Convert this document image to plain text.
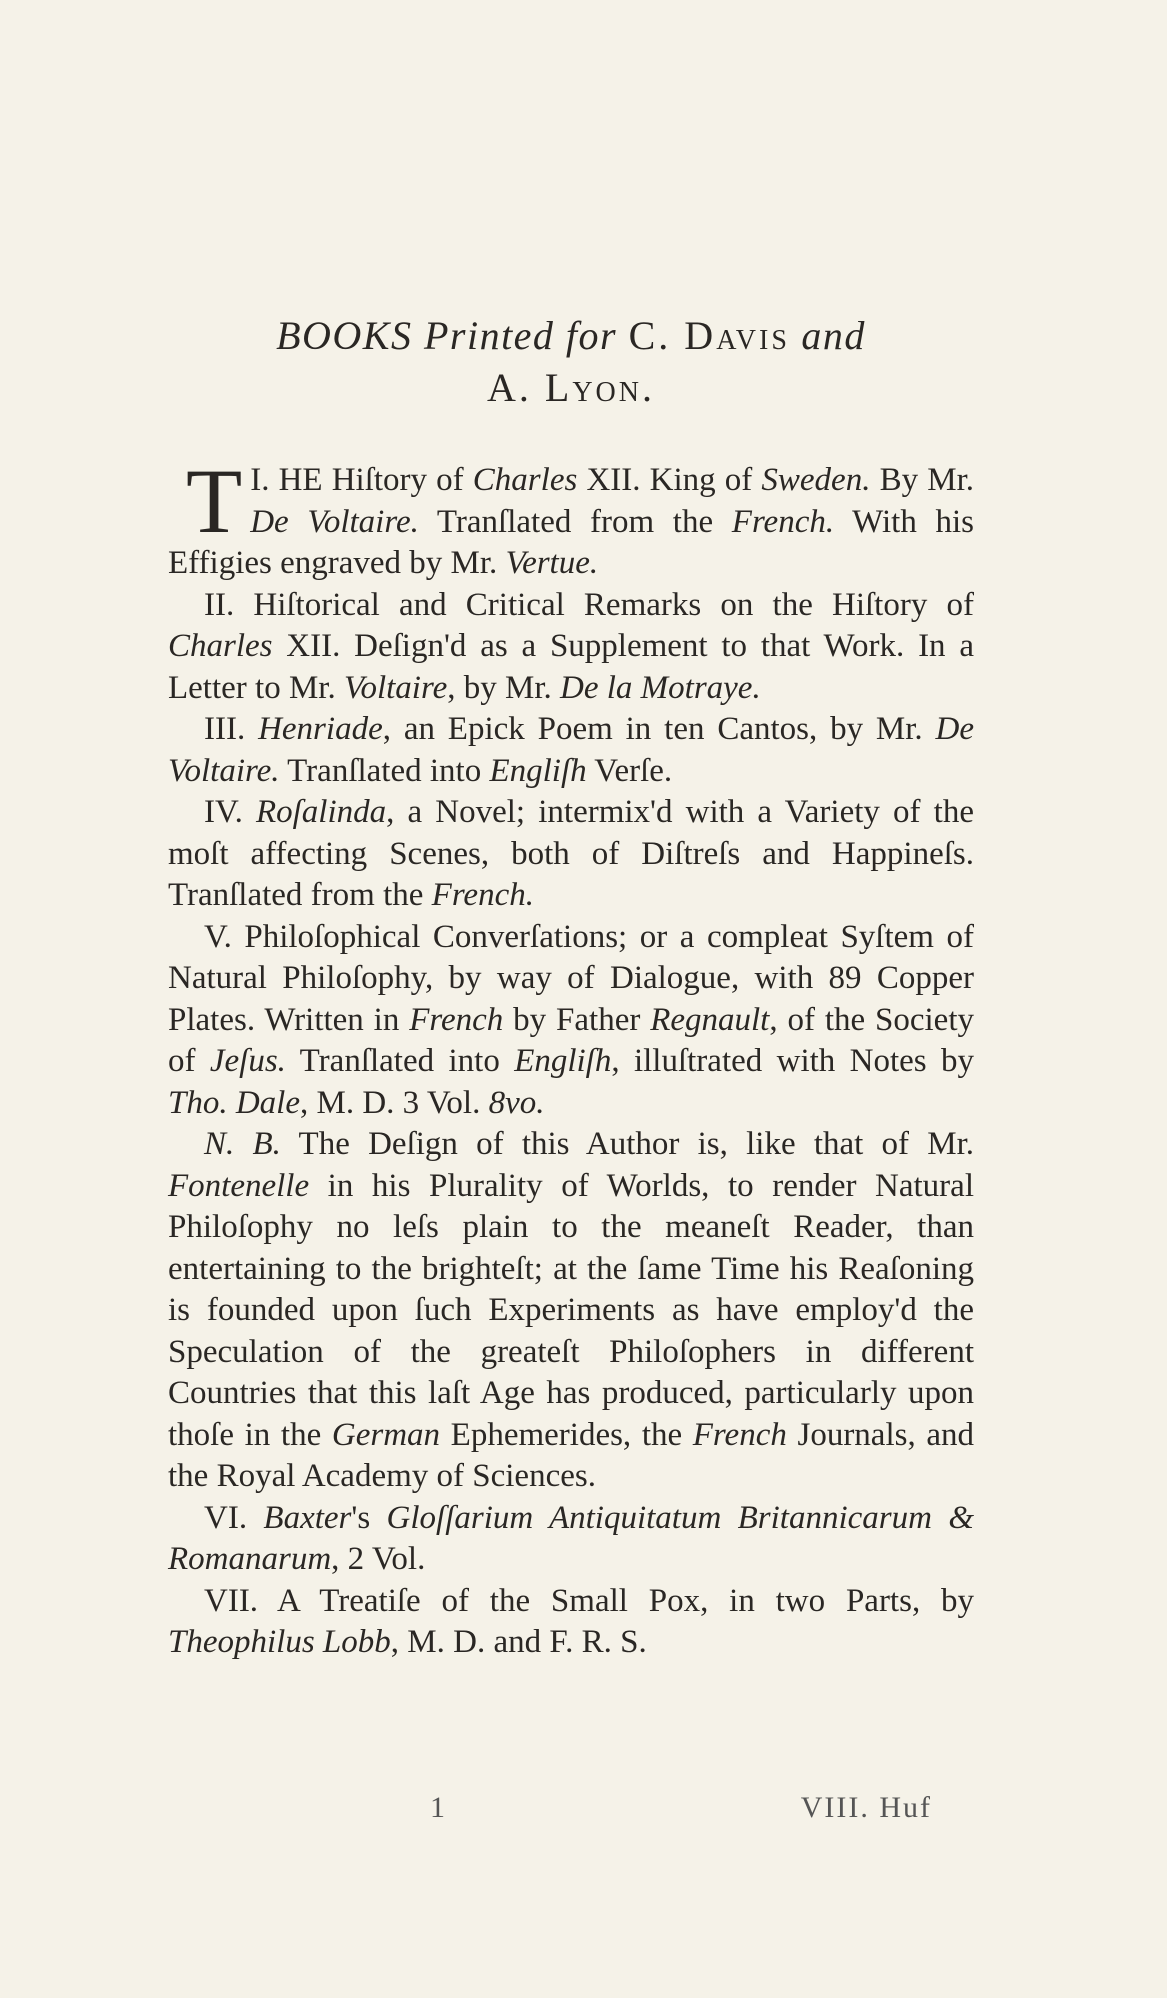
BOOKS Printed for C. Davis and
A. Lyon.

I.
T HE Hiſtory of Charles XII. King of Sweden. By Mr. De Voltaire. Tranſlated from the French. With his Effigies engraved by Mr. Vertue.

II. Hiſtorical and Critical Remarks on the Hiſtory of Charles XII. Deſign'd as a Supplement to that Work. In a Letter to Mr. Voltaire, by Mr. De la Motraye.

III. Henriade, an Epick Poem in ten Cantos, by Mr. De Voltaire. Tranſlated into Engliſh Verſe.

IV. Roſalinda, a Novel; intermix'd with a Variety of the moſt affecting Scenes, both of Diſtreſs and Happineſs. Tranſlated from the French.

V. Philoſophical Converſations; or a compleat Syſtem of Natural Philoſophy, by way of Dialogue, with 89 Copper Plates. Written in French by Father Regnault, of the Society of Jeſus. Tranſlated into Engliſh, illuſtrated with Notes by Tho. Dale, M. D. 3 Vol. 8vo.

N. B. The Deſign of this Author is, like that of Mr. Fontenelle in his Plurality of Worlds, to render Natural Philoſophy no leſs plain to the meaneſt Reader, than entertaining to the brighteſt; at the ſame Time his Reaſoning is founded upon ſuch Experiments as have employ'd the Speculation of the greateſt Philoſophers in different Countries that this laſt Age has produced, particularly upon thoſe in the German Ephemerides, the French Journals, and the Royal Academy of Sciences.

VI. Baxter's Gloſſarium Antiquitatum Britannicarum & Romanarum, 2 Vol.

VII. A Treatiſe of the Small Pox, in two Parts, by Theophilus Lobb, M. D. and F. R. S.

1	VIII. Huf
